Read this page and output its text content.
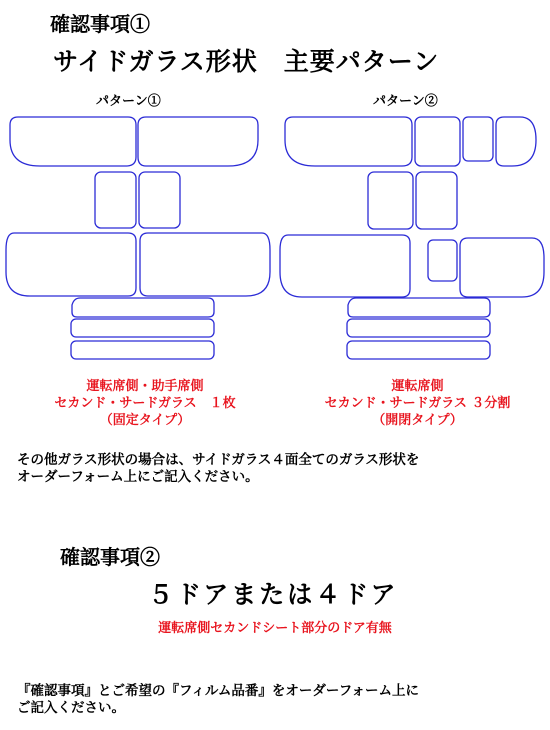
確認事項①
サイドガラス形状　主要パターン
パターン①	パターン②
運転席側・助手席側
セカンド・サードガラス　１枚
（固定タイプ）
運転席側
セカンド・サードガラス ３分割
（開閉タイプ）
その他ガラス形状の場合は、サイドガラス４面全てのガラス形状を
オーダーフォーム上にご記入ください。
確認事項②
５ドアまたは４ドア
運転席側セカンドシート部分のドア有無
『確認事項』とご希望の『フィルム品番』をオーダーフォーム上に
ご記入ください。
